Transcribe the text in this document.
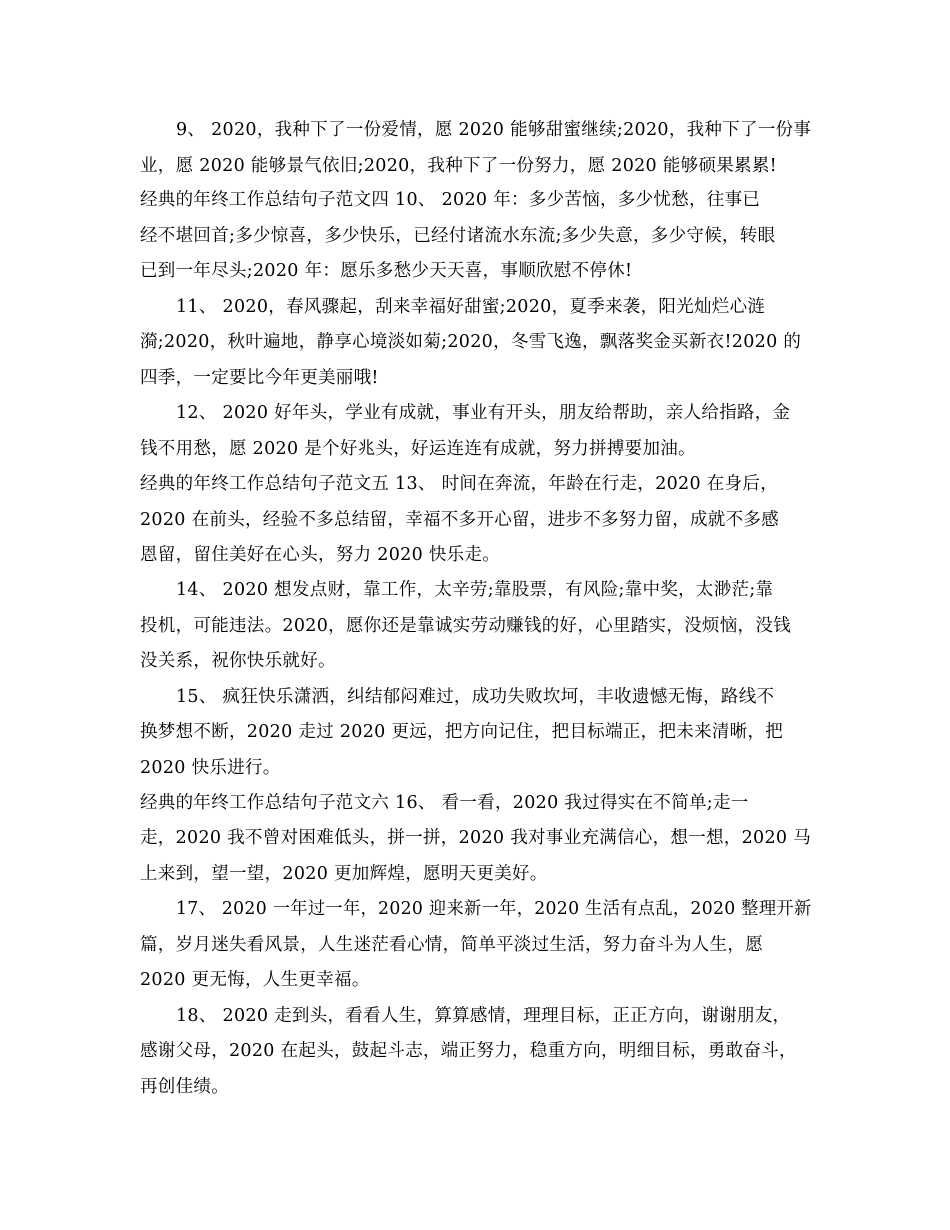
9、 2020，我种下了一份爱情，愿 2020 能够甜蜜继续;2020，我种下了一份事
业，愿 2020 能够景气依旧;2020，我种下了一份努力，愿 2020 能够硕果累累!
经典的年终工作总结句子范文四 10、 2020 年：多少苦恼，多少忧愁，往事已
经不堪回首;多少惊喜，多少快乐，已经付诸流水东流;多少失意，多少守候，转眼
已到一年尽头;2020 年：愿乐多愁少天天喜，事顺欣慰不停休!
11、 2020，春风骤起，刮来幸福好甜蜜;2020，夏季来袭，阳光灿烂心涟
漪;2020，秋叶遍地，静享心境淡如菊;2020，冬雪飞逸，飘落奖金买新衣!2020 的
四季，一定要比今年更美丽哦!
12、 2020 好年头，学业有成就，事业有开头，朋友给帮助，亲人给指路，金
钱不用愁，愿 2020 是个好兆头，好运连连有成就，努力拼搏要加油。
经典的年终工作总结句子范文五 13、 时间在奔流，年龄在行走，2020 在身后，
2020 在前头，经验不多总结留，幸福不多开心留，进步不多努力留，成就不多感
恩留，留住美好在心头，努力 2020 快乐走。
14、 2020 想发点财，靠工作，太辛劳;靠股票，有风险;靠中奖，太渺茫;靠
投机，可能违法。2020，愿你还是靠诚实劳动赚钱的好，心里踏实，没烦恼，没钱
没关系，祝你快乐就好。
15、 疯狂快乐潇洒，纠结郁闷难过，成功失败坎坷，丰收遗憾无悔，路线不
换梦想不断，2020 走过 2020 更远，把方向记住，把目标端正，把未来清晰，把
2020 快乐进行。
经典的年终工作总结句子范文六 16、 看一看，2020 我过得实在不简单;走一
走，2020 我不曾对困难低头，拼一拼，2020 我对事业充满信心，想一想，2020 马
上来到，望一望，2020 更加辉煌，愿明天更美好。
17、 2020 一年过一年，2020 迎来新一年，2020 生活有点乱，2020 整理开新
篇，岁月迷失看风景，人生迷茫看心情，简单平淡过生活，努力奋斗为人生，愿
2020 更无悔，人生更幸福。
18、 2020 走到头，看看人生，算算感情，理理目标，正正方向，谢谢朋友，
感谢父母，2020 在起头，鼓起斗志，端正努力，稳重方向，明细目标，勇敢奋斗，
再创佳绩。
